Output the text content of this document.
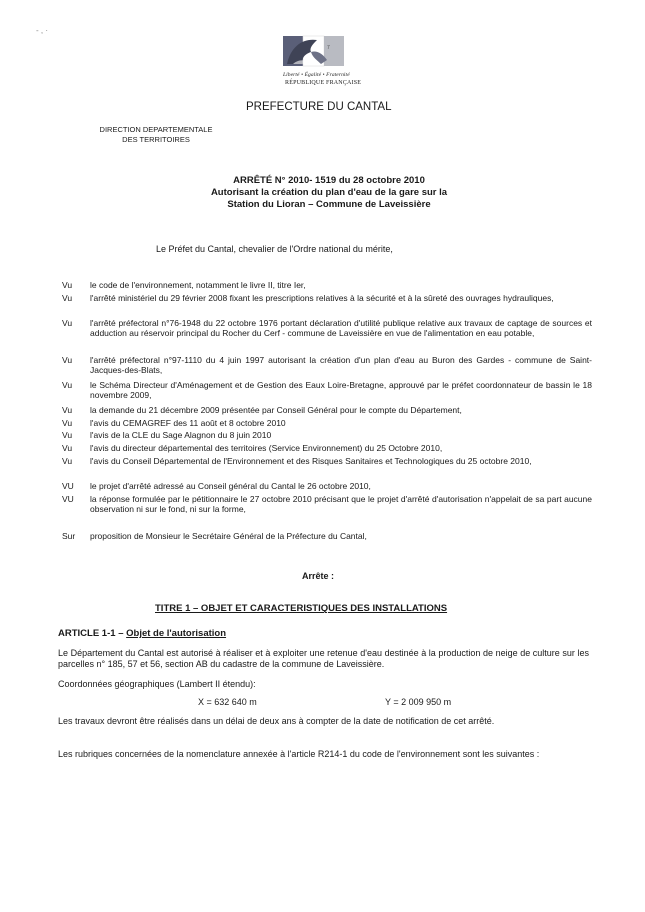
- , ·
7
Liberté • Égalité • Fraternité
RÉPUBLIQUE FRANÇAISE
PREFECTURE DU CANTAL
DIRECTION DEPARTEMENTALE
DES TERRITOIRES
ARRÊTÉ N° 2010- 1519 du 28 octobre 2010
Autorisant la création du plan d'eau de la gare sur la
Station du Lioran – Commune de Laveissière
Le Préfet du Cantal, chevalier de l'Ordre national du mérite,
Vu	le code de l'environnement, notamment le livre II, titre Ier,
Vu	l'arrêté ministériel du 29 février 2008 fixant les prescriptions relatives à la sécurité et à la sûreté des ouvrages hydrauliques,
Vu	l'arrêté préfectoral n°76-1948 du 22 octobre 1976 portant déclaration d'utilité publique relative aux travaux de captage de sources et adduction au réservoir principal du Rocher du Cerf - commune de Laveissière en vue de l'alimentation en eau potable,
Vu	l'arrêté préfectoral n°97-1110 du 4 juin 1997 autorisant la création d'un plan d'eau au Buron des Gardes - commune de Saint-Jacques-des-Blats,
Vu	le Schéma Directeur d'Aménagement et de Gestion des Eaux Loire-Bretagne, approuvé par le préfet coordonnateur de bassin le 18 novembre 2009,
Vu	la demande du 21 décembre 2009 présentée par Conseil Général pour le compte du Département,
Vu	l'avis du CEMAGREF des 11 août et 8 octobre 2010
Vu	l'avis de la CLE du Sage Alagnon du 8 juin 2010
Vu	l'avis du directeur départemental des territoires (Service Environnement) du 25 Octobre 2010,
Vu	l'avis du Conseil Départemental de l'Environnement et des Risques Sanitaires et Technologiques du 25 octobre 2010,
VU	le projet d'arrêté adressé au Conseil général du Cantal le 26 octobre 2010,
VU	la réponse formulée par le pétitionnaire le 27 octobre 2010 précisant que le projet d'arrêté d'autorisation n'appelait de sa part aucune observation ni sur le fond, ni sur la forme,
Sur proposition de Monsieur le Secrétaire Général de la Préfecture du Cantal,
Arrête :
TITRE 1 – OBJET ET CARACTERISTIQUES DES INSTALLATIONS
ARTICLE 1-1 – Objet de l'autorisation
Le Département du Cantal est autorisé à réaliser et à exploiter une retenue d'eau destinée à la production de neige de culture sur les parcelles n° 185, 57 et 56, section AB du cadastre de la commune de Laveissière.
Coordonnées géographiques (Lambert II étendu):
X = 632 640 m	Y = 2 009 950 m
Les travaux devront être réalisés dans un délai de deux ans à compter de la date de notification de cet arrêté.
Les rubriques concernées de la nomenclature annexée à l'article R214-1 du code de l'environnement sont les suivantes :
